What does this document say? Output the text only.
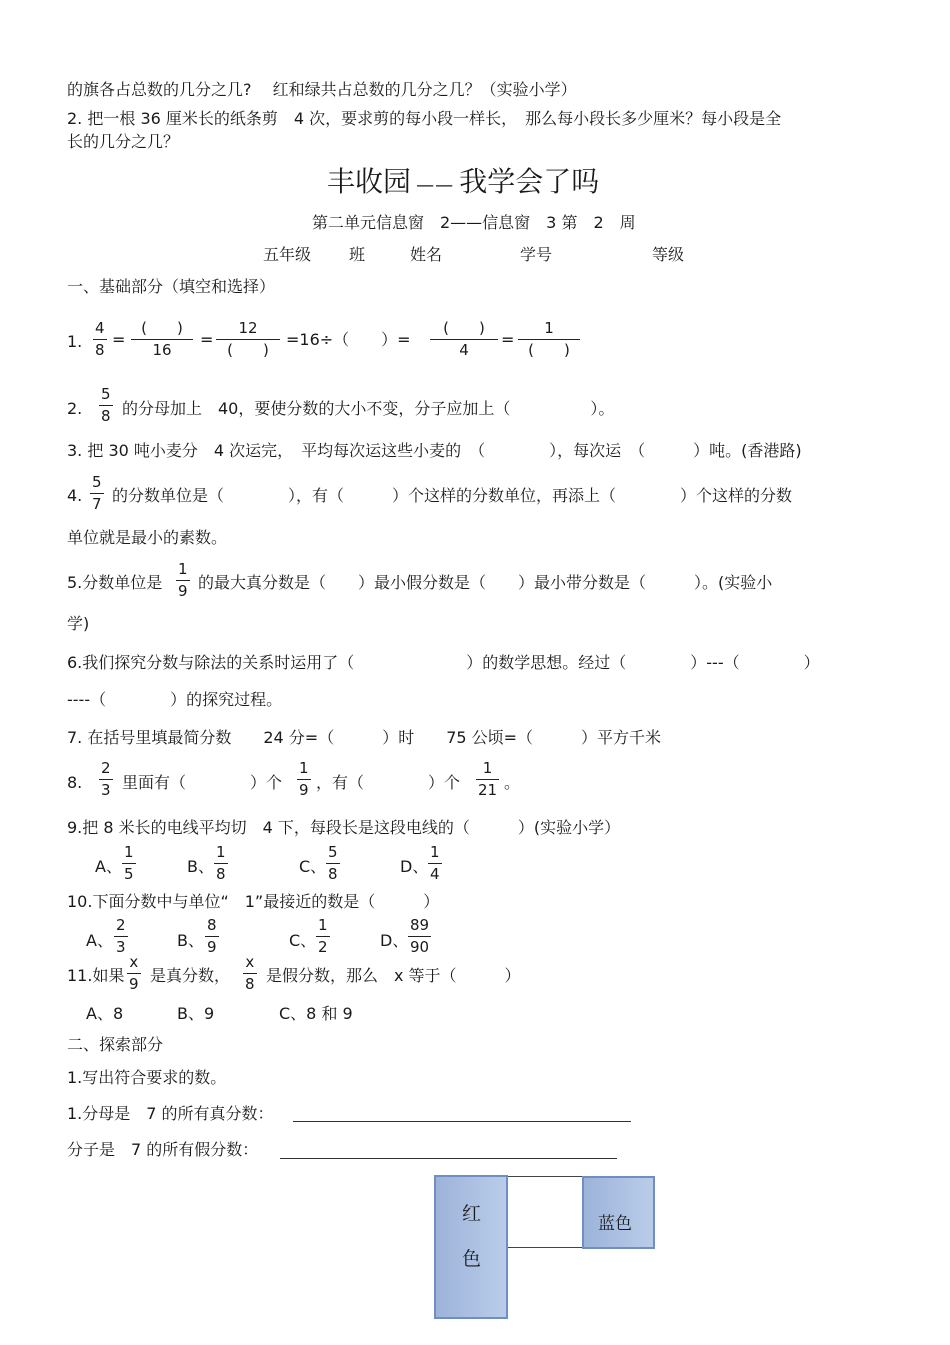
的旗各占总数的几分之几?　 红和绿共占总数的几分之几？（实验小学）
2. 把一根 36 厘米长的纸条剪　4 次，要求剪的每小段一样长，　那么每小段长多少厘米？每小段是全
长的几分之几？
丰收园 —— 我学会了吗
第二单元信息窗　2——信息窗　3 第　2　周
五年级 班	姓名	学号	等级
一、基础部分（填空和选择）
1.
4
8
=
(　　)
16
=
12
(　　)
=16÷（　　）=
(　　)
4
=
1
(　　)
2.
5
8 的分母加上　40，要使分数的大小不变，分子应加上（　　　　　）。
3. 把 30 吨小麦分　4 次运完，　平均每次运这些小麦的　（　　　　），每次运　（　　　）吨。(香港路)
4.
5
7 的分数单位是（　　　　），有（　　　）个这样的分数单位，再添上（　　　　）个这样的分数
单位就是最小的素数。
5.分数单位是
1
9 的最大真分数是（　　）最小假分数是（　　）最小带分数是（　　　）。(实验小
学)
6.我们探究分数与除法的关系时运用了（　　　　　　　）的数学思想。经过（　　　　）---（　　　　）
----（　　　　）的探究过程。
7. 在括号里填最简分数　　24 分=（　　　）时　　75 公顷=（　　　）平方千米
8.
2
3 里面有（　　　　）个
1
9 ，有（　　　　）个
1
21 。
9.把 8 米长的电线平均切　4 下，每段长是这段电线的（　　　）(实验小学）
A、
1
5	B、
1
8	C、
5
8	D、
1
4
10.下面分数中与单位“　1”最接近的数是（　　　）
A、
2
3	B、
8
9	C、
1
2	D、
89
90
11.如果
x
9 是真分数，
x
8 是假分数，那么　x 等于（　　　）
A、8	B、9	C、8 和 9
二、探索部分
1.写出符合要求的数。
1.分母是　7 的所有真分数：
分子是　7 的所有假分数：
红
色
蓝色
